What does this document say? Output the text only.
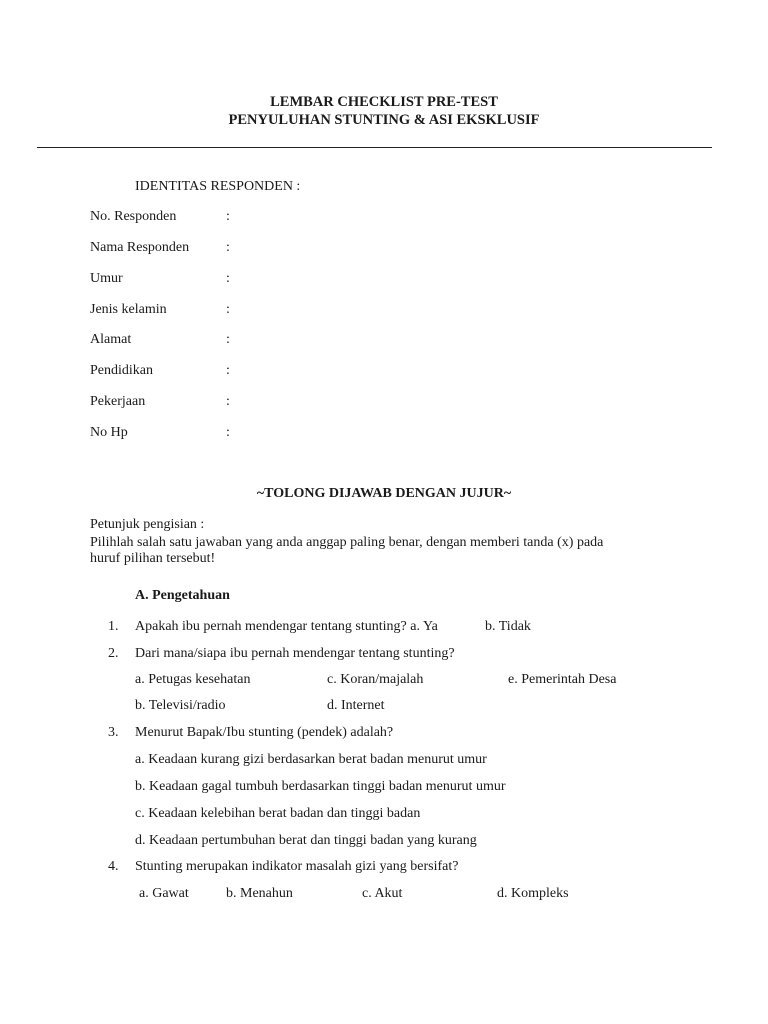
LEMBAR CHECKLIST PRE-TEST
PENYULUHAN STUNTING & ASI EKSKLUSIF
IDENTITAS RESPONDEN :
No. Responden	:
Nama Responden	:
Umur	:
Jenis kelamin	:
Alamat	:
Pendidikan	:
Pekerjaan	:
No Hp	:
~TOLONG DIJAWAB DENGAN JUJUR~
Petunjuk pengisian :
Pilihlah salah satu jawaban yang anda anggap paling benar, dengan memberi tanda (x) pada
huruf pilihan tersebut!
A. Pengetahuan
1. Apakah ibu pernah mendengar tentang stunting? a. Ya	b. Tidak
2. Dari mana/siapa ibu pernah mendengar tentang stunting?
a. Petugas kesehatan	c. Koran/majalah	e. Pemerintah Desa
b. Televisi/radio	d. Internet
3. Menurut Bapak/Ibu stunting (pendek) adalah?
a. Keadaan kurang gizi berdasarkan berat badan menurut umur
b. Keadaan gagal tumbuh berdasarkan tinggi badan menurut umur
c. Keadaan kelebihan berat badan dan tinggi badan
d. Keadaan pertumbuhan berat dan tinggi badan yang kurang
4. Stunting merupakan indikator masalah gizi yang bersifat?
a. Gawat	b. Menahun	c. Akut	d. Kompleks
